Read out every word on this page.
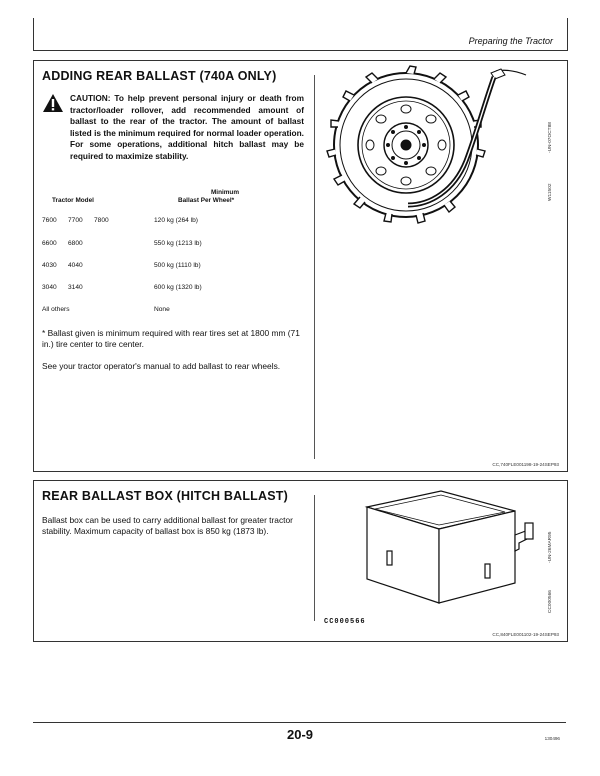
Preparing the Tractor
ADDING REAR BALLAST (740A ONLY)
CAUTION: To help prevent personal injury or death from tractor/loader rollover, add recommended amount of ballast to the rear of the tractor. The amount of ballast listed is the minimum required for normal loader operation. For some operations, additional hitch ballast may be required to maximize stability.
Tractor Model
Minimum
Ballast Per Wheel*
7600 7700 7800	120 kg (264 lb)
6600 6800	550 kg (1213 lb)
4030 4040	500 kg (1110 lb)
3040 3140	600 kg (1320 lb)
All others	None
* Ballast given is minimum required with rear tires set at 1800 mm (71 in.) tire center to tire center.
See your tractor operator's manual to add ballast to rear wheels.
-UN-07OCT88
W11502
CC,740FLE001198-19-24SEP93
REAR BALLAST BOX (HITCH BALLAST)
Ballast box can be used to carry additional ballast for greater tractor stability. Maximum capacity of ballast box is 850 kg (1873 lb).
CC000566
-UN-26MAR95
CC000566
CC,840FLE001102-19-24SEP93
20-9	130496
